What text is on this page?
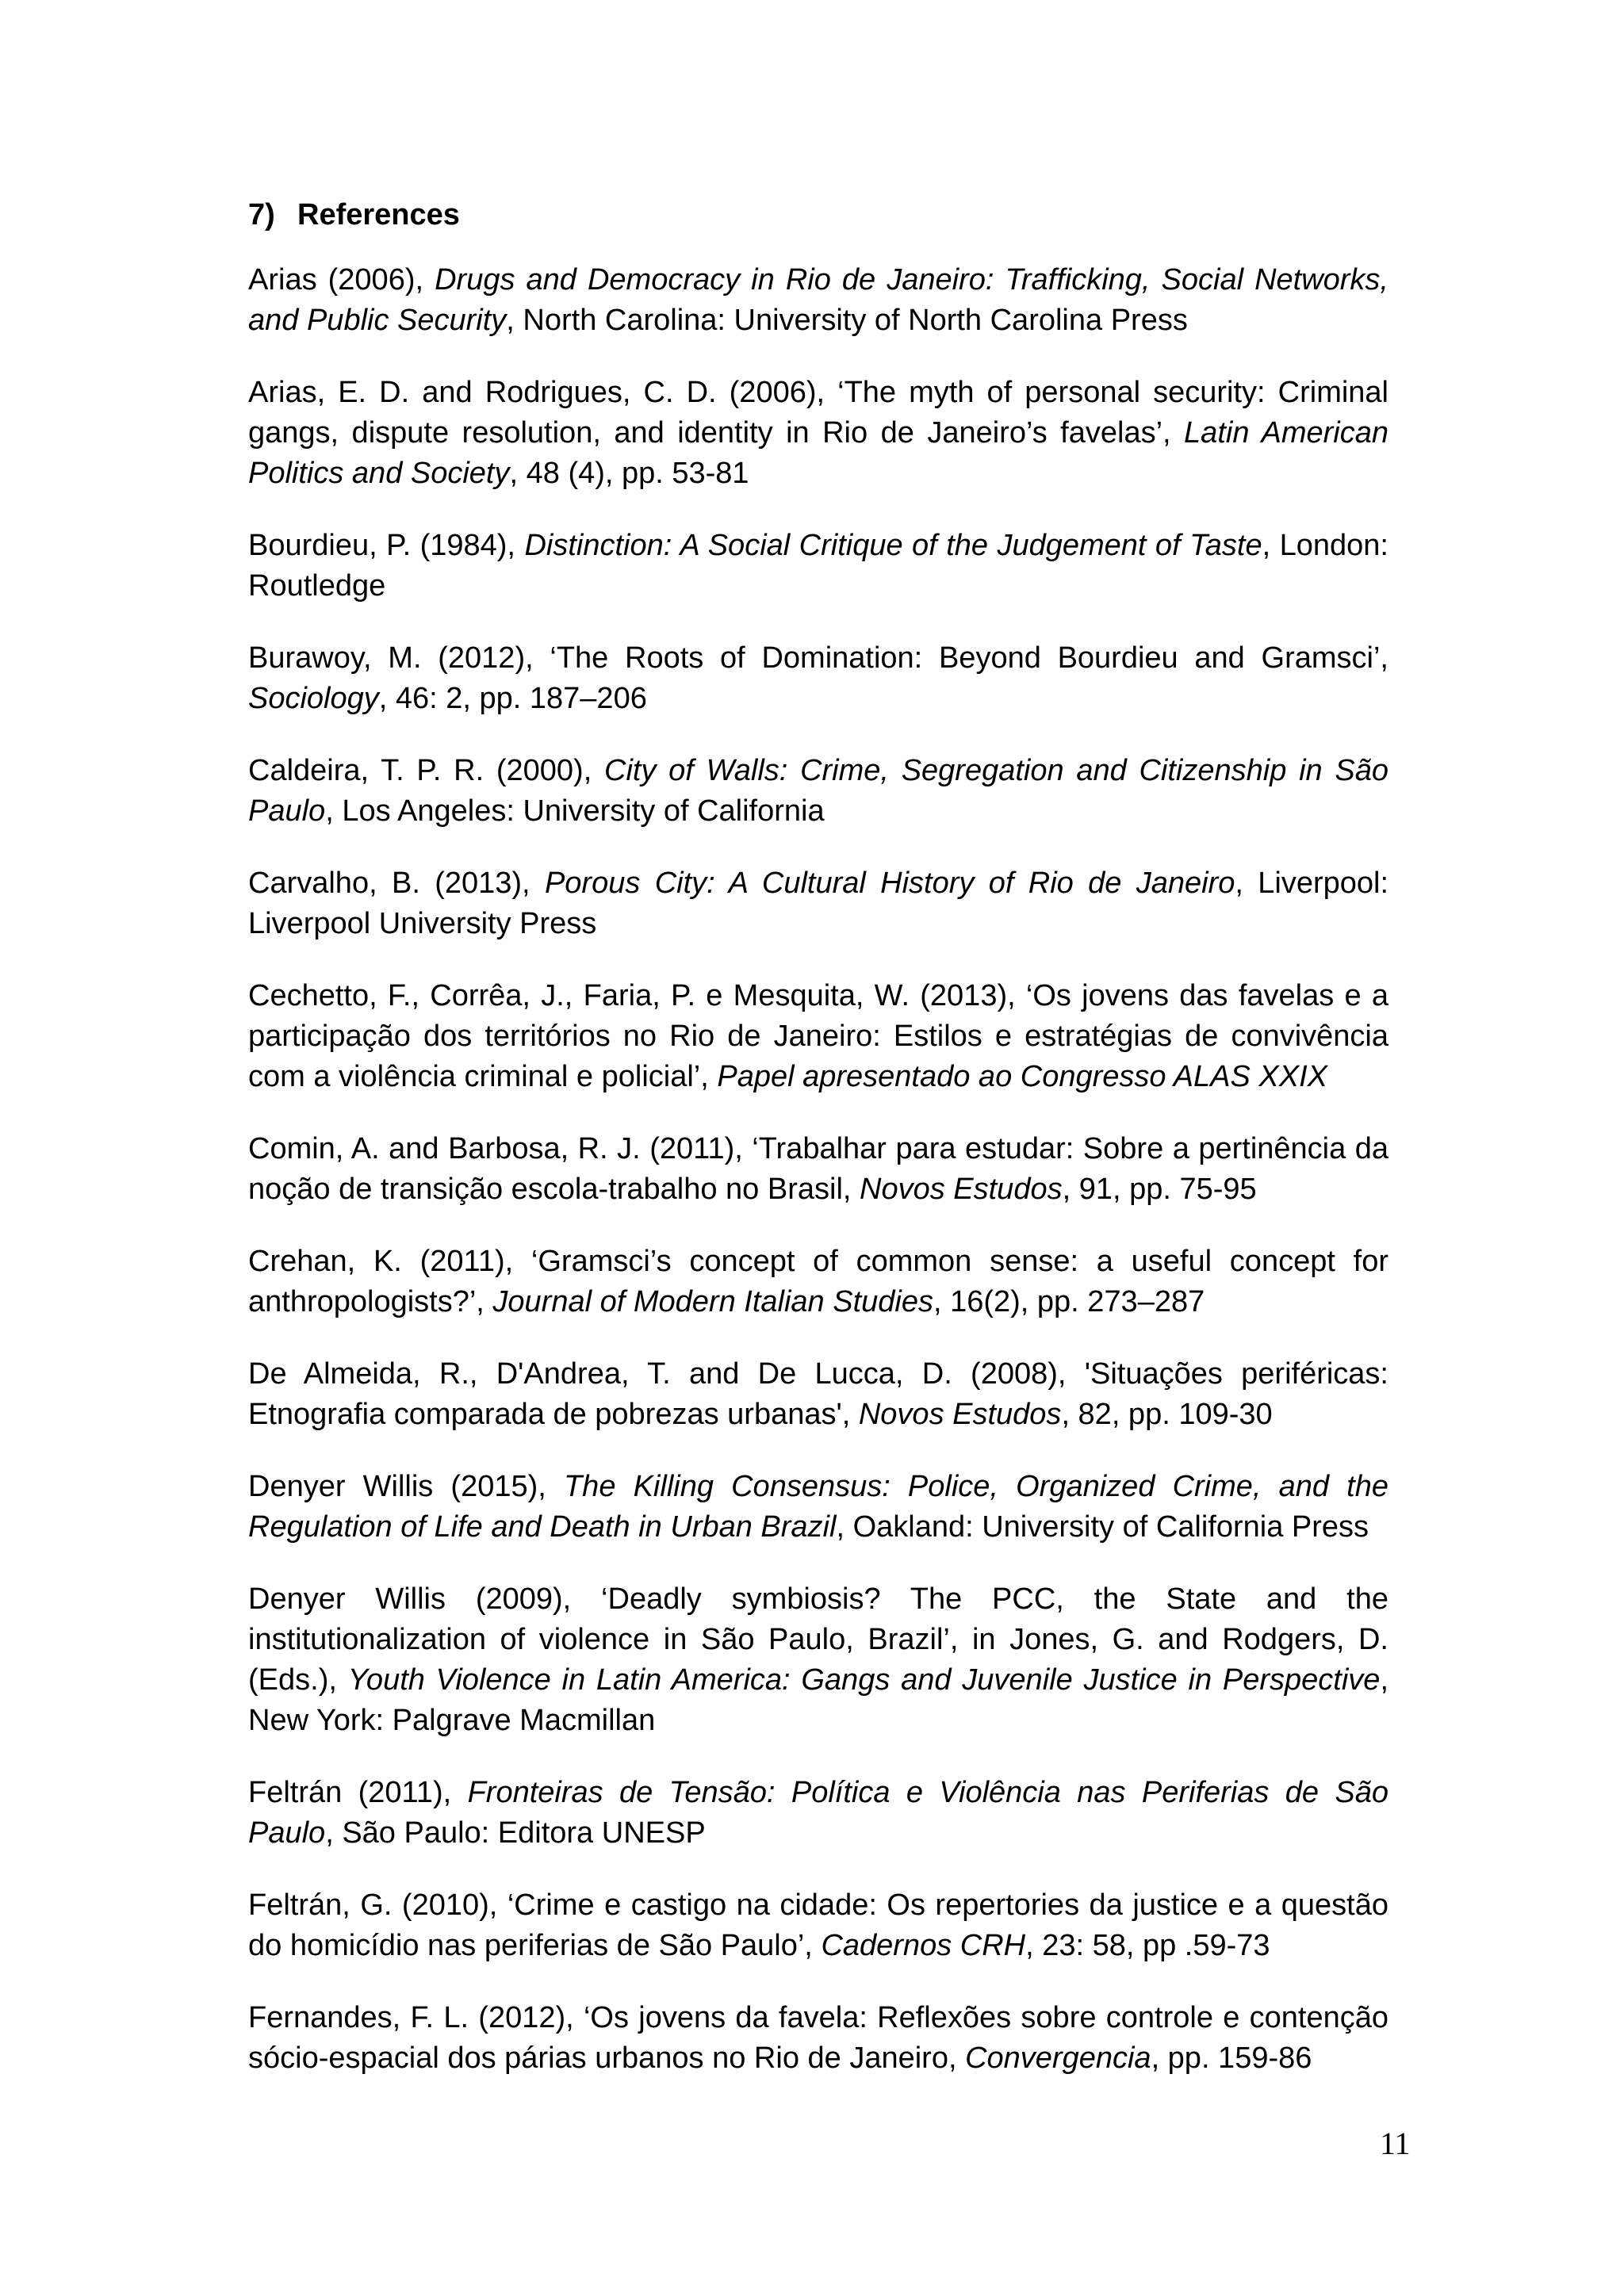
7) References

Arias (2006), Drugs and Democracy in Rio de Janeiro: Trafficking, Social Networks, and Public Security, North Carolina: University of North Carolina Press

Arias, E. D. and Rodrigues, C. D. (2006), ‘The myth of personal security: Criminal gangs, dispute resolution, and identity in Rio de Janeiro’s favelas’, Latin American Politics and Society, 48 (4), pp. 53-81

Bourdieu, P. (1984), Distinction: A Social Critique of the Judgement of Taste, London: Routledge

Burawoy, M. (2012), ‘The Roots of Domination: Beyond Bourdieu and Gramsci’, Sociology, 46: 2, pp. 187–206

Caldeira, T. P. R. (2000), City of Walls: Crime, Segregation and Citizenship in São Paulo, Los Angeles: University of California

Carvalho, B. (2013), Porous City: A Cultural History of Rio de Janeiro, Liverpool: Liverpool University Press

Cechetto, F., Corrêa, J., Faria, P. e Mesquita, W. (2013), ‘Os jovens das favelas e a participação dos territórios no Rio de Janeiro: Estilos e estratégias de convivência com a violência criminal e policial’, Papel apresentado ao Congresso ALAS XXIX

Comin, A. and Barbosa, R. J. (2011), ‘Trabalhar para estudar: Sobre a pertinência da noção de transição escola-trabalho no Brasil, Novos Estudos, 91, pp. 75-95

Crehan, K. (2011), ‘Gramsci’s concept of common sense: a useful concept for anthropologists?’, Journal of Modern Italian Studies, 16(2), pp. 273–287

De Almeida, R., D'Andrea, T. and De Lucca, D. (2008), 'Situações periféricas: Etnografia comparada de pobrezas urbanas', Novos Estudos, 82, pp. 109-30

Denyer Willis (2015), The Killing Consensus: Police, Organized Crime, and the Regulation of Life and Death in Urban Brazil, Oakland: University of California Press

Denyer Willis (2009), ‘Deadly symbiosis? The PCC, the State and the institutionalization of violence in São Paulo, Brazil’, in Jones, G. and Rodgers, D. (Eds.), Youth Violence in Latin America: Gangs and Juvenile Justice in Perspective, New York: Palgrave Macmillan

Feltrán (2011), Fronteiras de Tensão: Política e Violência nas Periferias de São Paulo, São Paulo: Editora UNESP

Feltrán, G. (2010), ‘Crime e castigo na cidade: Os repertories da justice e a questão do homicídio nas periferias de São Paulo’, Cadernos CRH, 23: 58, pp .59-73

Fernandes, F. L. (2012), ‘Os jovens da favela: Reflexões sobre controle e contenção sócio-espacial dos párias urbanos no Rio de Janeiro, Convergencia, pp. 159-86

11
